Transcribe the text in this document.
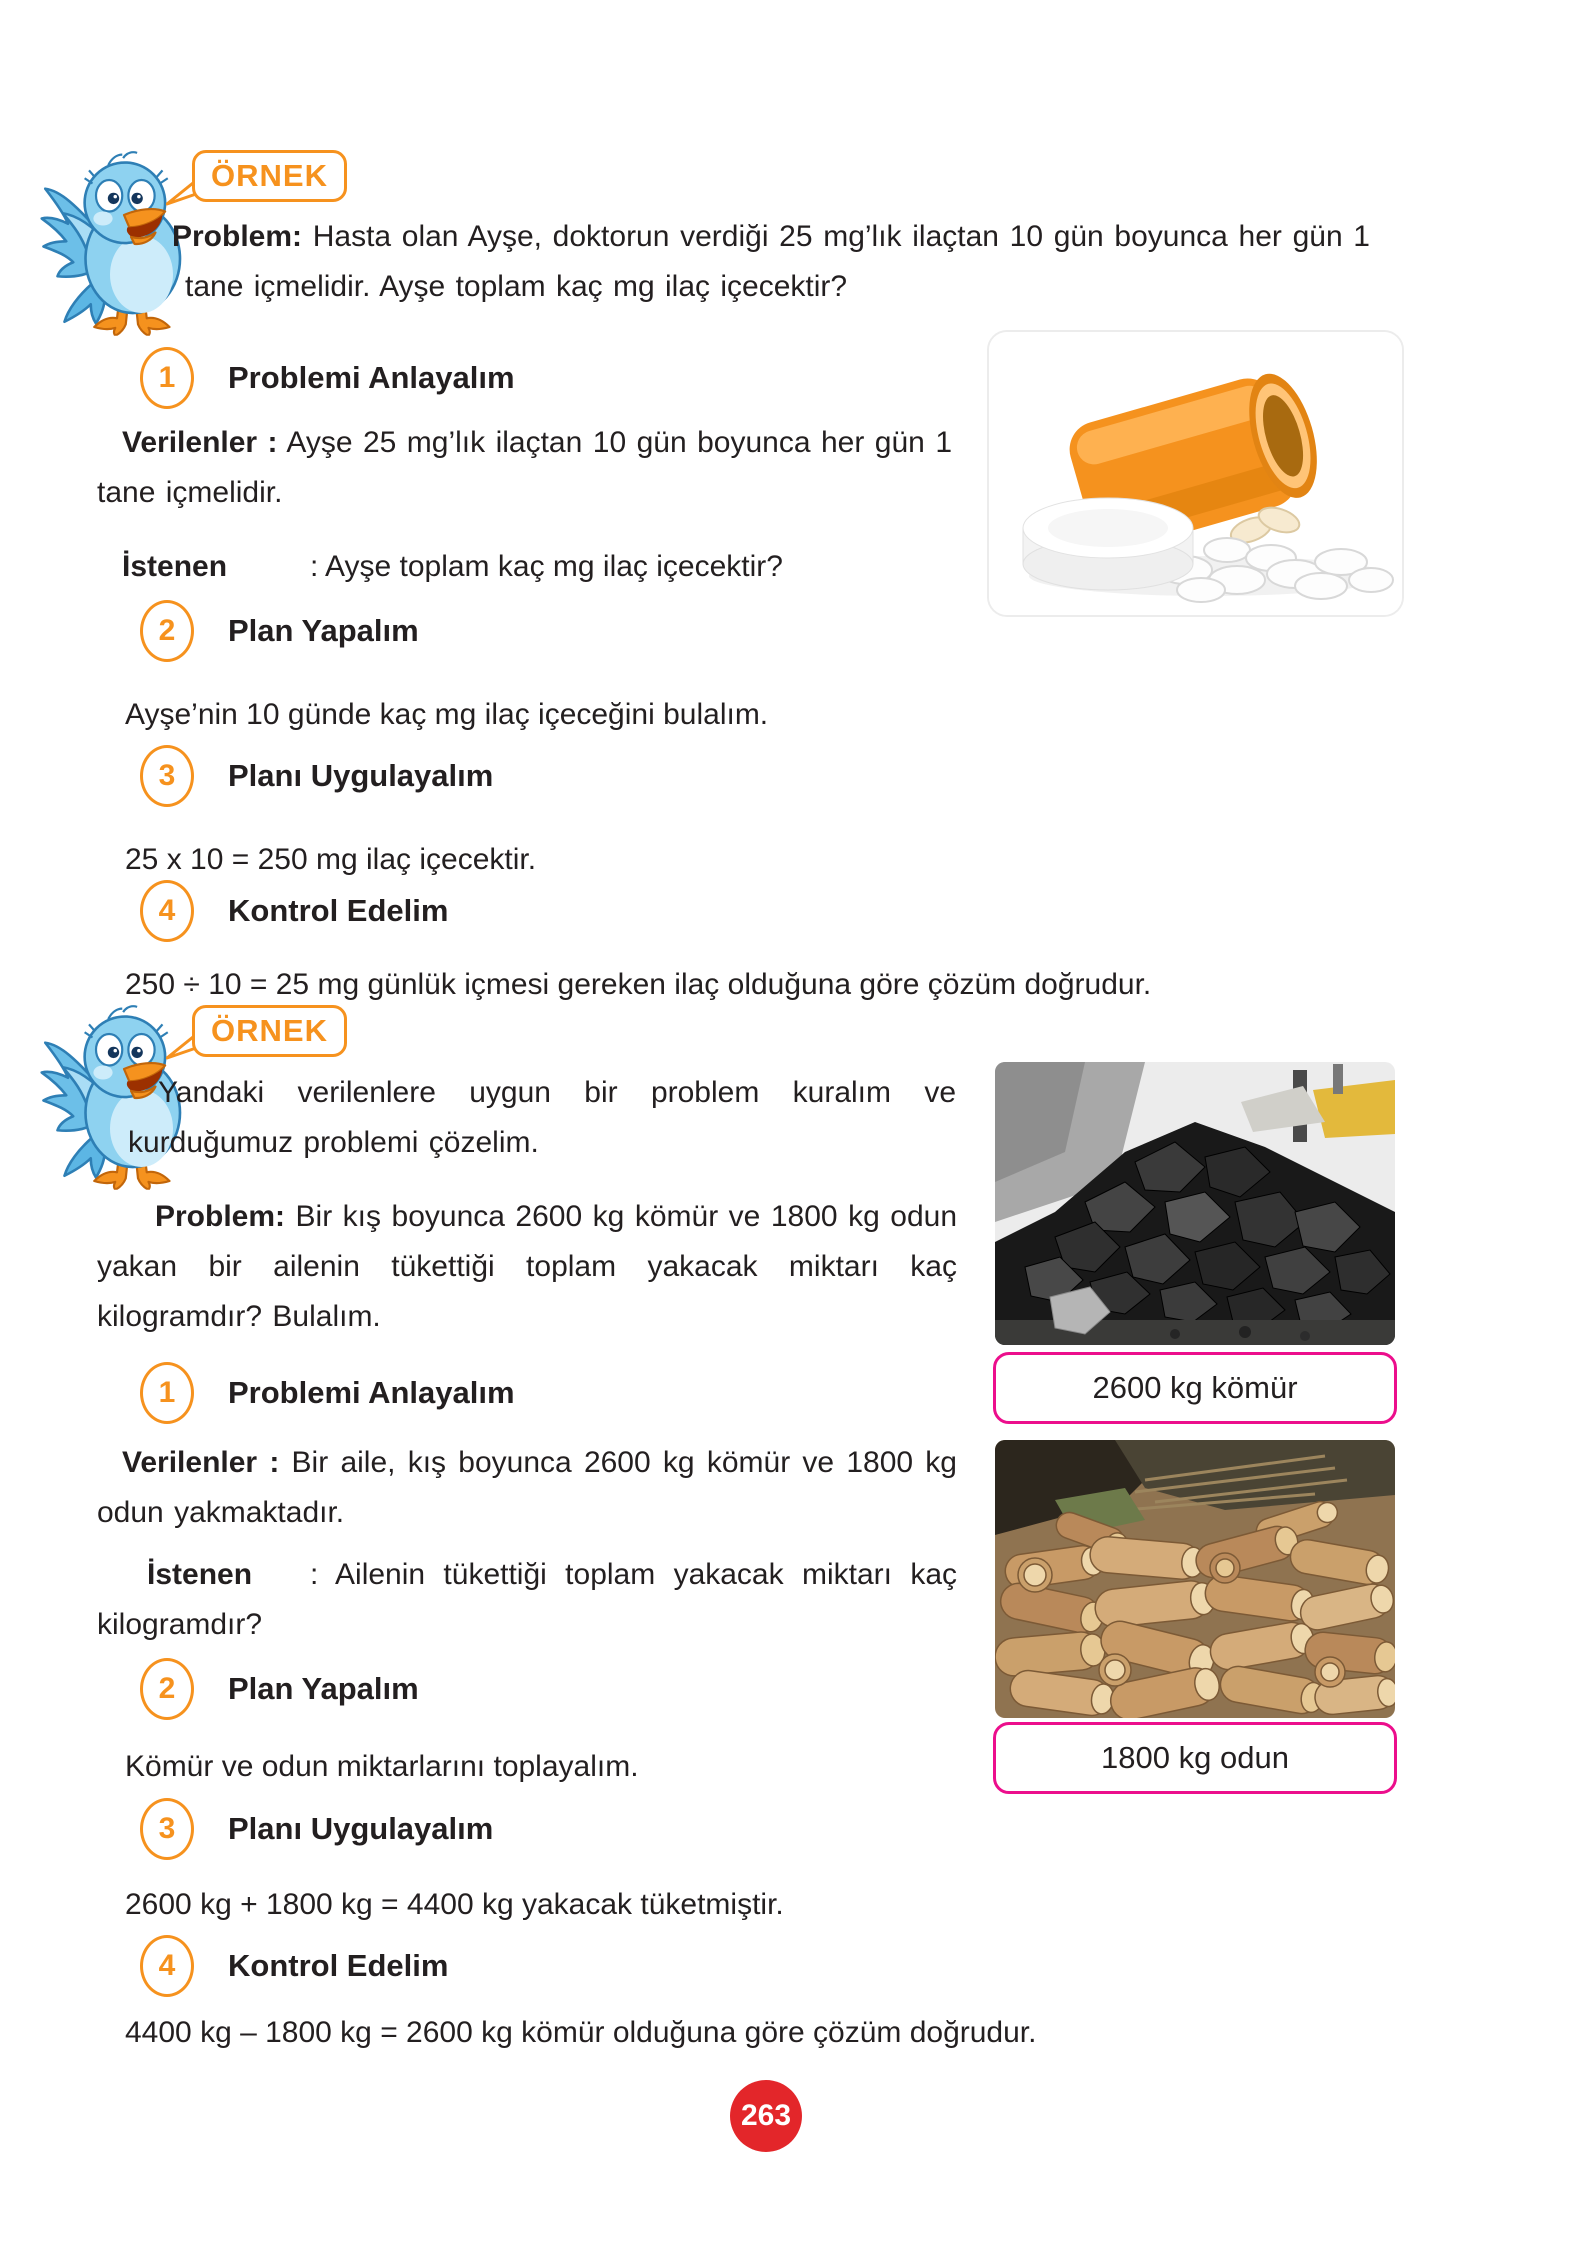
ÖRNEK

Problem: Hasta olan Ayşe, doktorun verdiği 25 mg’lık ilaçtan 10 gün boyunca her gün 1 tane içmelidir. Ayşe toplam kaç mg ilaç içecektir?

1	Problemi Anlayalım

Verilenler : Ayşe 25 mg’lık ilaçtan 10 gün boyunca her gün 1 tane içmelidir.

İstenen	: Ayşe toplam kaç mg ilaç içecektir?

2	Plan Yapalım

Ayşe’nin 10 günde kaç mg ilaç içeceğini bulalım.

3	Planı Uygulayalım

25 x 10 = 250 mg ilaç içecektir.

4	Kontrol Edelim

250 ÷ 10 = 25 mg günlük içmesi gereken ilaç olduğuna göre çözüm doğrudur.

ÖRNEK

Yandaki verilenlere uygun bir problem kuralım ve kurduğumuz problemi çözelim.

Problem: Bir kış boyunca 2600 kg kömür ve 1800 kg odun yakan bir ailenin tükettiği toplam yakacak miktarı kaç kilogramdır? Bulalım.

2600 kg kömür
1800 kg odun
1	Problemi Anlayalım

Verilenler : Bir aile, kış boyunca 2600 kg kömür ve 1800 kg odun yakmaktadır.

İstenen : Ailenin tükettiği toplam yakacak miktarı kaç kilogramdır?

2	Plan Yapalım

Kömür ve odun miktarlarını toplayalım.

3	Planı Uygulayalım

2600 kg + 1800 kg = 4400 kg yakacak tüketmiştir.

4	Kontrol Edelim

4400 kg – 1800 kg = 2600 kg kömür olduğuna göre çözüm doğrudur.

263
